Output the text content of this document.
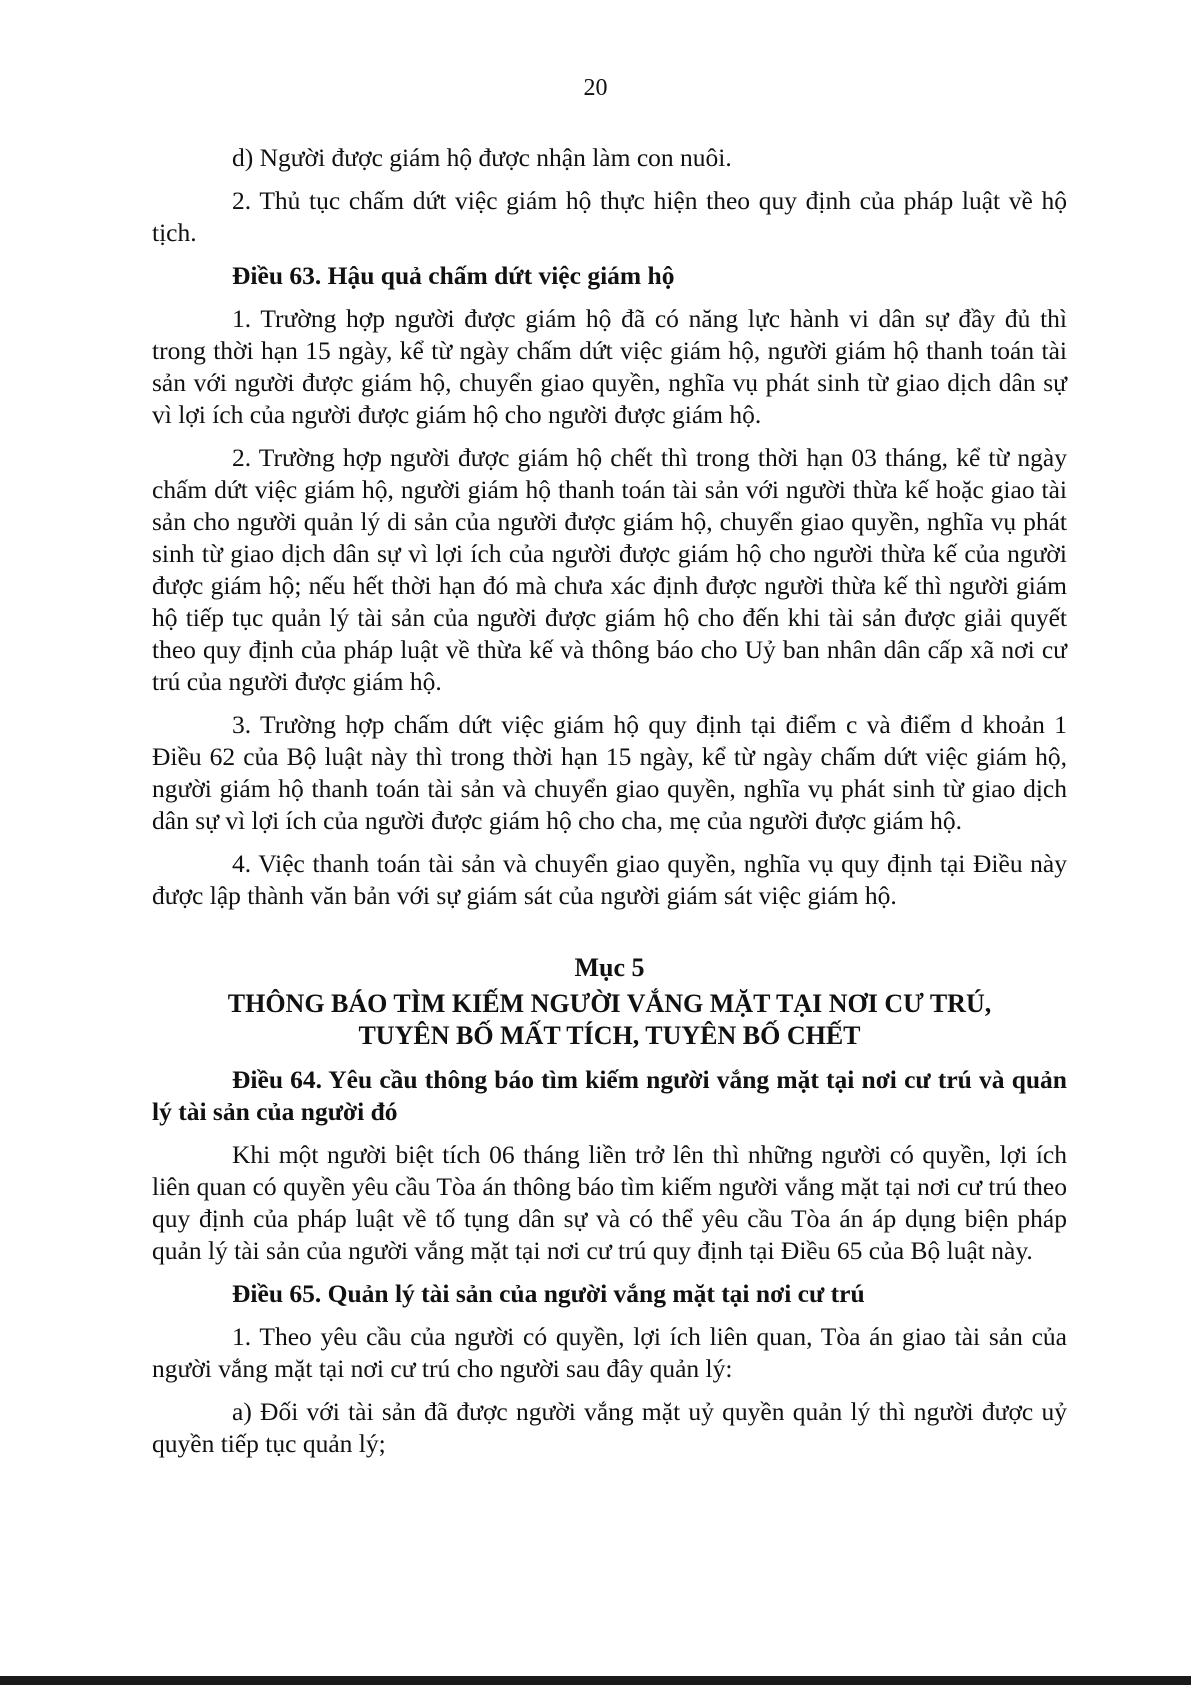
20

d) Người được giám hộ được nhận làm con nuôi.

2. Thủ tục chấm dứt việc giám hộ thực hiện theo quy định của pháp luật về hộ tịch.

Điều 63. Hậu quả chấm dứt việc giám hộ

1. Trường hợp người được giám hộ đã có năng lực hành vi dân sự đầy đủ thì trong thời hạn 15 ngày, kể từ ngày chấm dứt việc giám hộ, người giám hộ thanh toán tài sản với người được giám hộ, chuyển giao quyền, nghĩa vụ phát sinh từ giao dịch dân sự vì lợi ích của người được giám hộ cho người được giám hộ.

2. Trường hợp người được giám hộ chết thì trong thời hạn 03 tháng, kể từ ngày chấm dứt việc giám hộ, người giám hộ thanh toán tài sản với người thừa kế hoặc giao tài sản cho người quản lý di sản của người được giám hộ, chuyển giao quyền, nghĩa vụ phát sinh từ giao dịch dân sự vì lợi ích của người được giám hộ cho người thừa kế của người được giám hộ; nếu hết thời hạn đó mà chưa xác định được người thừa kế thì người giám hộ tiếp tục quản lý tài sản của người được giám hộ cho đến khi tài sản được giải quyết theo quy định của pháp luật về thừa kế và thông báo cho Uỷ ban nhân dân cấp xã nơi cư trú của người được giám hộ.

3. Trường hợp chấm dứt việc giám hộ quy định tại điểm c và điểm d khoản 1 Điều 62 của Bộ luật này thì trong thời hạn 15 ngày, kể từ ngày chấm dứt việc giám hộ, người giám hộ thanh toán tài sản và chuyển giao quyền, nghĩa vụ phát sinh từ giao dịch dân sự vì lợi ích của người được giám hộ cho cha, mẹ của người được giám hộ.

4. Việc thanh toán tài sản và chuyển giao quyền, nghĩa vụ quy định tại Điều này được lập thành văn bản với sự giám sát của người giám sát việc giám hộ.

Mục 5
THÔNG BÁO TÌM KIẾM NGƯỜI VẮNG MẶT TẠI NƠI CƯ TRÚ,
TUYÊN BỐ MẤT TÍCH, TUYÊN BỐ CHẾT

Điều 64. Yêu cầu thông báo tìm kiếm người vắng mặt tại nơi cư trú và quản lý tài sản của người đó

Khi một người biệt tích 06 tháng liền trở lên thì những người có quyền, lợi ích liên quan có quyền yêu cầu Tòa án thông báo tìm kiếm người vắng mặt tại nơi cư trú theo quy định của pháp luật về tố tụng dân sự và có thể yêu cầu Tòa án áp dụng biện pháp quản lý tài sản của người vắng mặt tại nơi cư trú quy định tại Điều 65 của Bộ luật này.

Điều 65. Quản lý tài sản của người vắng mặt tại nơi cư trú

1. Theo yêu cầu của người có quyền, lợi ích liên quan, Tòa án giao tài sản của người vắng mặt tại nơi cư trú cho người sau đây quản lý:

a) Đối với tài sản đã được người vắng mặt uỷ quyền quản lý thì người được uỷ quyền tiếp tục quản lý;
